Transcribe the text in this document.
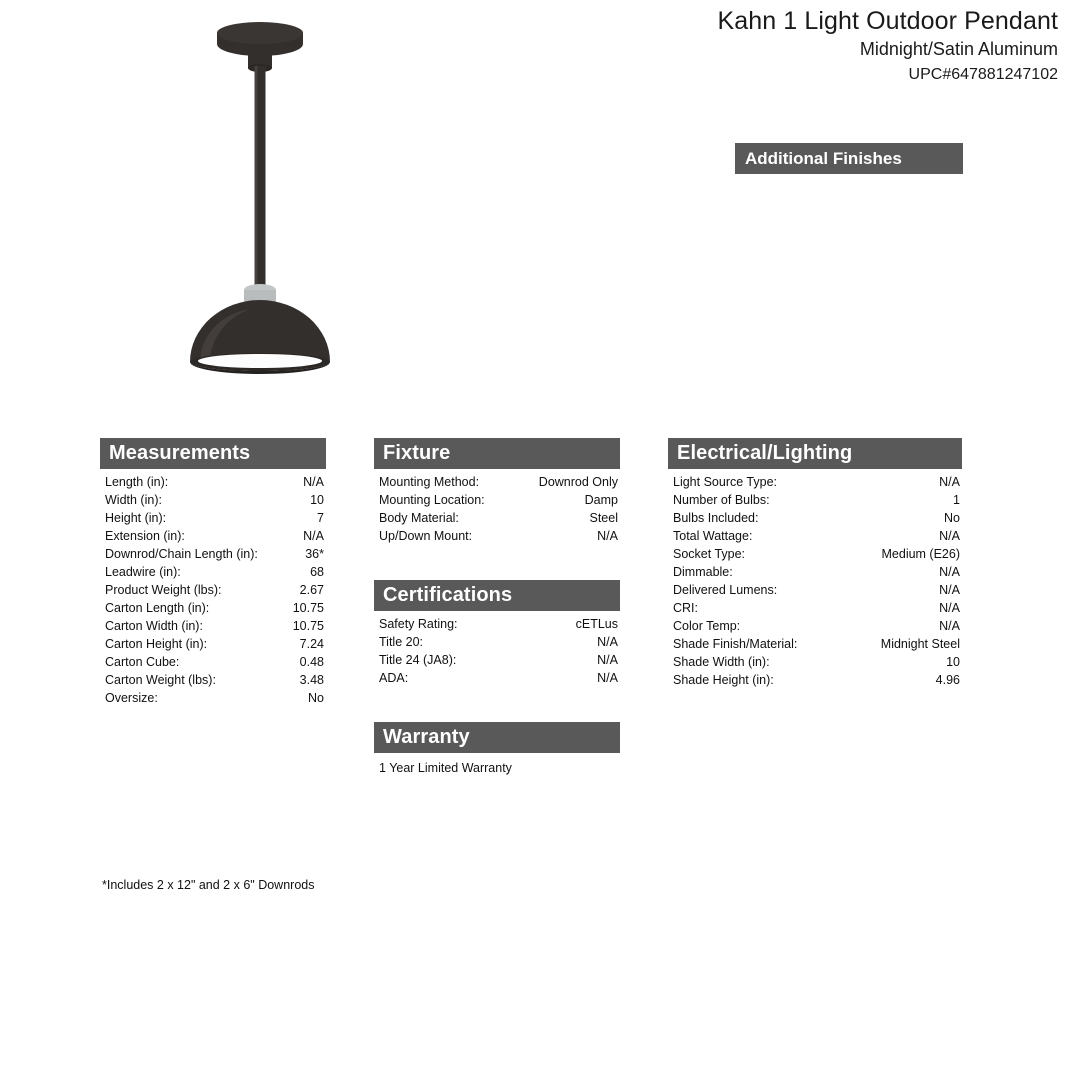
Kahn 1 Light Outdoor Pendant
Midnight/Satin Aluminum
UPC#647881247102
Additional Finishes
Measurements
Length (in):	N/A
Width (in):	10
Height (in):	7
Extension (in):	N/A
Downrod/Chain Length (in):	36*
Leadwire (in):	68
Product Weight (lbs):	2.67
Carton Length (in):	10.75
Carton Width (in):	10.75
Carton Height (in):	7.24
Carton Cube:	0.48
Carton Weight (lbs):	3.48
Oversize:	No
Fixture
Mounting Method:	Downrod Only
Mounting Location:	Damp
Body Material:	Steel
Up/Down Mount:	N/A
Certifications
Safety Rating:	cETLus
Title 20:	N/A
Title 24 (JA8):	N/A
ADA:	N/A
Warranty
1 Year Limited Warranty
Electrical/Lighting
Light Source Type:	N/A
Number of Bulbs:	1
Bulbs Included:	No
Total Wattage:	N/A
Socket Type:	Medium (E26)
Dimmable:	N/A
Delivered Lumens:	N/A
CRI:	N/A
Color Temp:	N/A
Shade Finish/Material:	Midnight Steel
Shade Width (in):	10
Shade Height (in):	4.96
*Includes 2 x 12" and 2 x 6" Downrods
